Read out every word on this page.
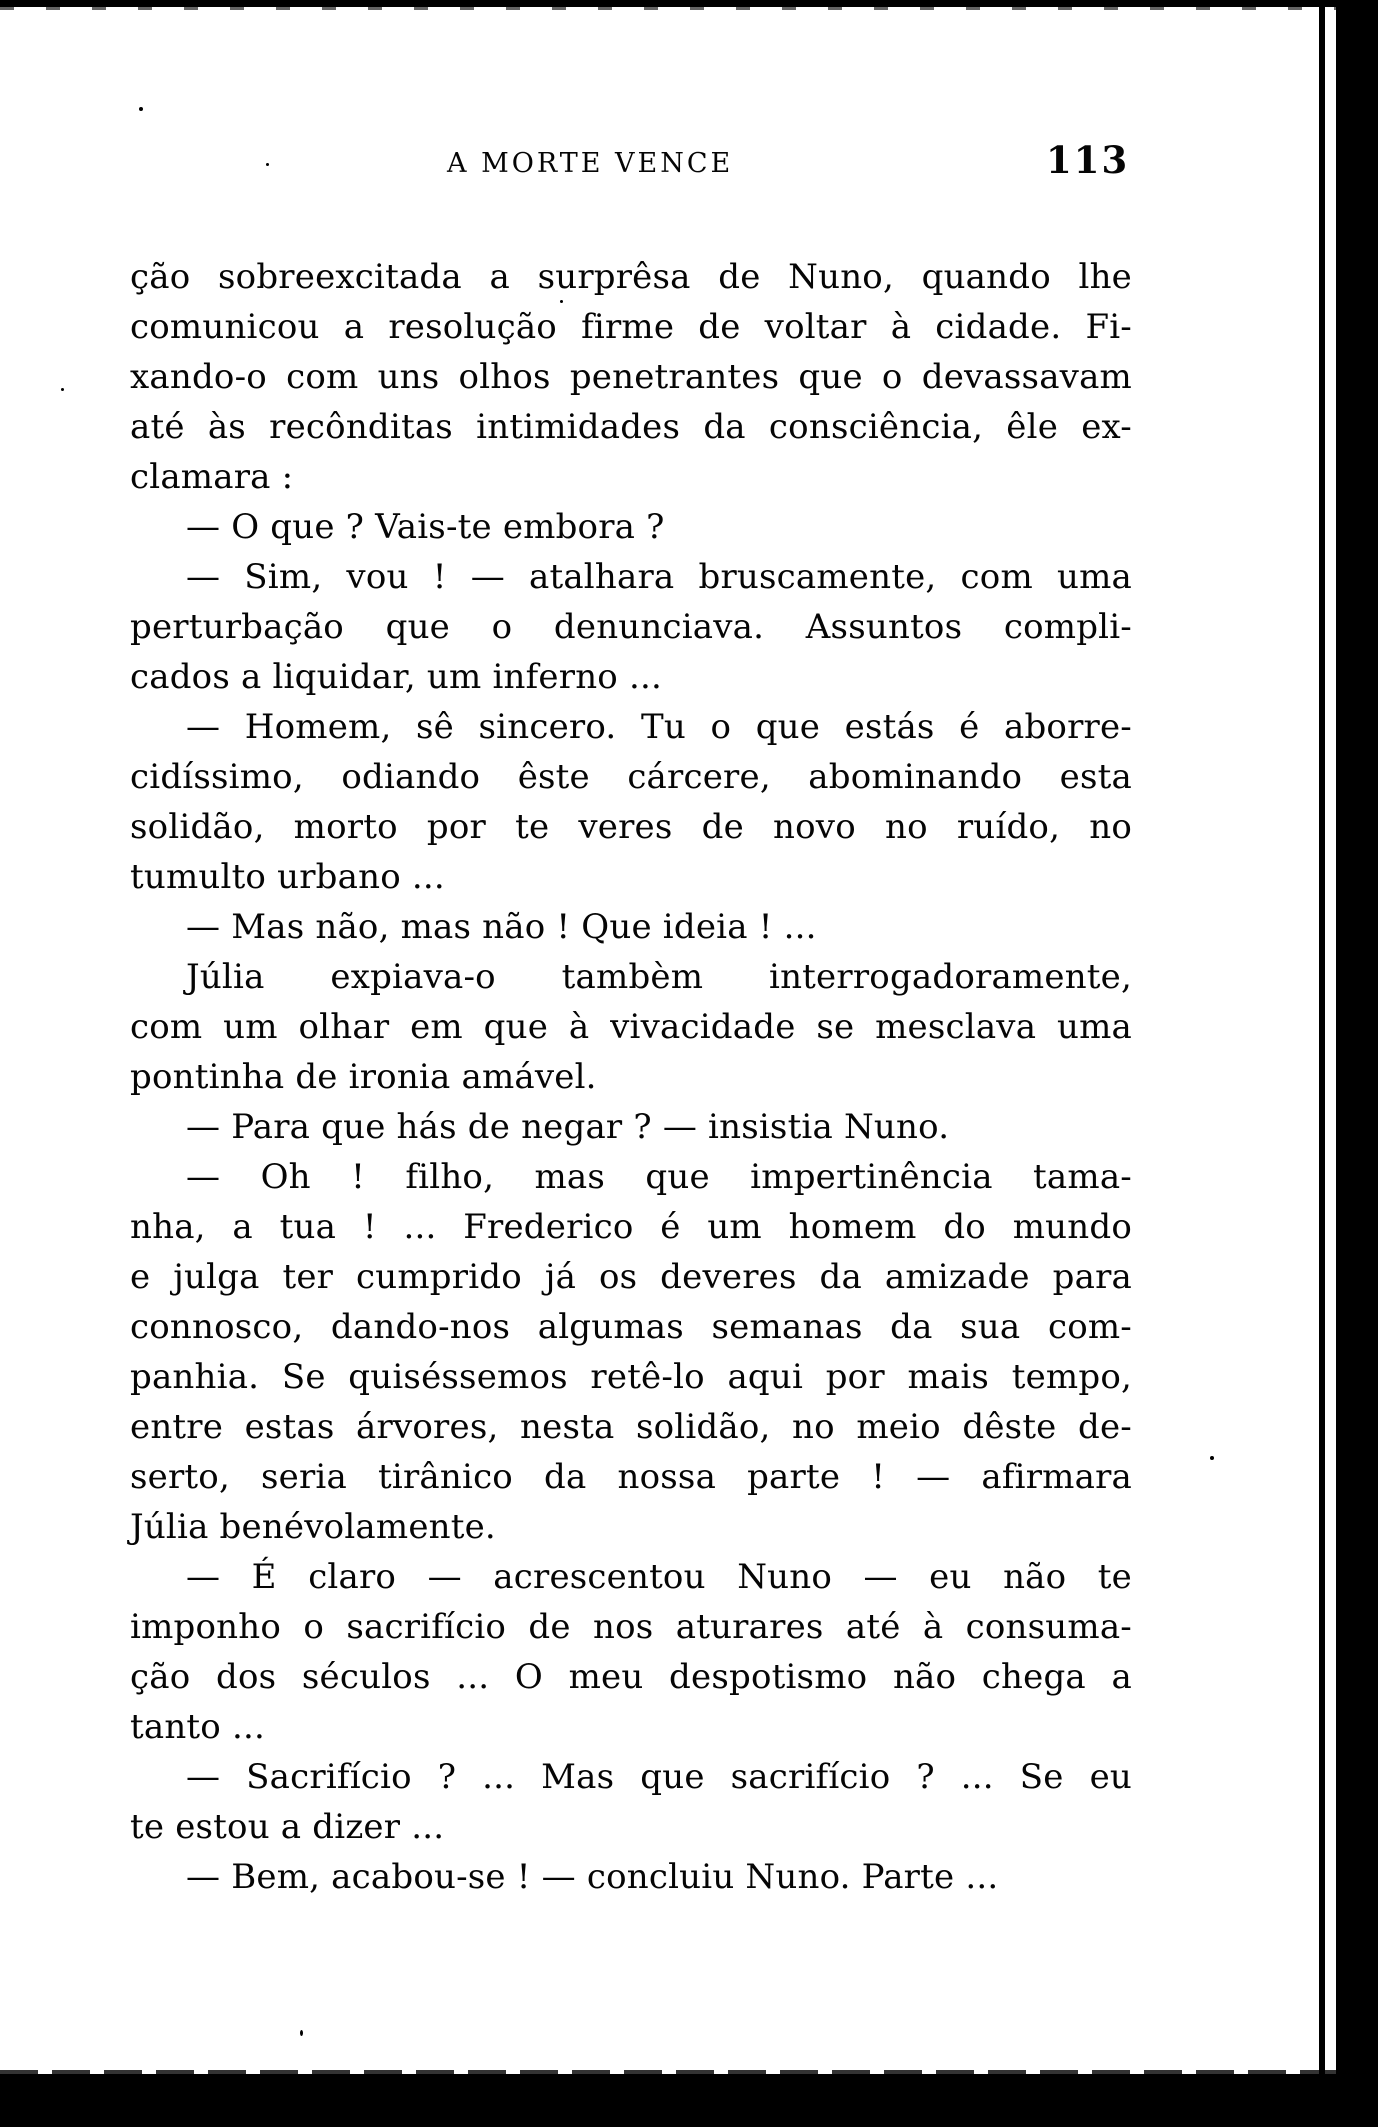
A MORTE VENCE	113
ção sobreexcitada a surprêsa de Nuno, quando lhe
comunicou a resolução firme de voltar à cidade. Fi-
xando-o com uns olhos penetrantes que o devassavam
até às recônditas intimidades da consciência, êle ex-
clamara :
— O que ? Vais-te embora ?
— Sim, vou ! — atalhara bruscamente, com uma
perturbação que o denunciava. Assuntos compli-
cados a liquidar, um inferno ...
— Homem, sê sincero. Tu o que estás é aborre-
cidíssimo, odiando êste cárcere, abominando esta
solidão, morto por te veres de novo no ruído, no
tumulto urbano ...
— Mas não, mas não ! Que ideia ! ...
Júlia expiava-o tambèm interrogadoramente,
com um olhar em que à vivacidade se mesclava uma
pontinha de ironia amável.
— Para que hás de negar ? — insistia Nuno.
— Oh ! filho, mas que impertinência tama-
nha, a tua ! ... Frederico é um homem do mundo
e julga ter cumprido já os deveres da amizade para
connosco, dando-nos algumas semanas da sua com-
panhia. Se quiséssemos retê-lo aqui por mais tempo,
entre estas árvores, nesta solidão, no meio dêste de-
serto, seria tirânico da nossa parte ! — afirmara
Júlia benévolamente.
— É claro — acrescentou Nuno — eu não te
imponho o sacrifício de nos aturares até à consuma-
ção dos séculos ... O meu despotismo não chega a
tanto ...
— Sacrifício ? ... Mas que sacrifício ? ... Se eu
te estou a dizer ...
— Bem, acabou-se ! — concluiu Nuno. Parte ...
